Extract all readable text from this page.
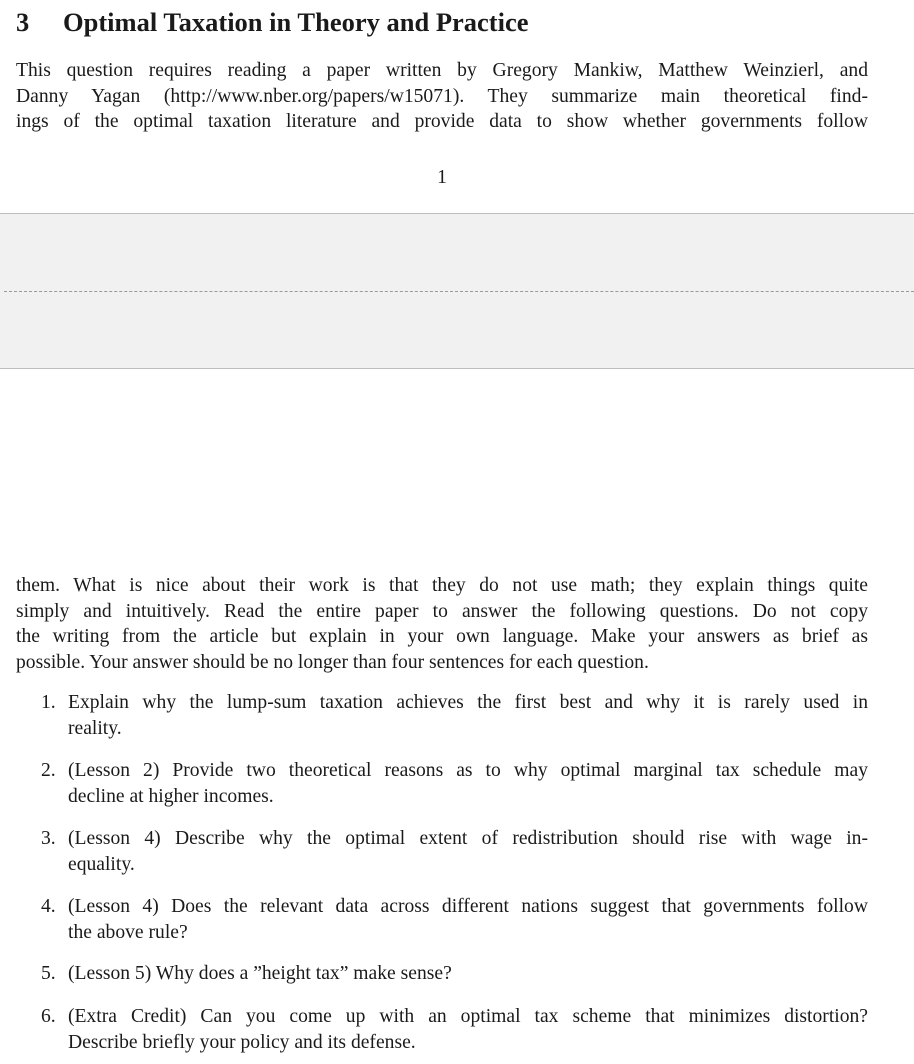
3 Optimal Taxation in Theory and Practice

This question requires reading a paper written by Gregory Mankiw, Matthew Weinzierl, and
Danny Yagan (http://www.nber.org/papers/w15071). They summarize main theoretical find-
ings of the optimal taxation literature and provide data to show whether governments follow

1

them. What is nice about their work is that they do not use math; they explain things quite
simply and intuitively. Read the entire paper to answer the following questions. Do not copy
the writing from the article but explain in your own language. Make your answers as brief as
possible. Your answer should be no longer than four sentences for each question.

1. Explain why the lump-sum taxation achieves the first best and why it is rarely used in
reality.
2. (Lesson 2) Provide two theoretical reasons as to why optimal marginal tax schedule may
decline at higher incomes.
3. (Lesson 4) Describe why the optimal extent of redistribution should rise with wage in-
equality.
4. (Lesson 4) Does the relevant data across different nations suggest that governments follow
the above rule?
5. (Lesson 5) Why does a ”height tax” make sense?
6. (Extra Credit) Can you come up with an optimal tax scheme that minimizes distortion?
Describe briefly your policy and its defense.
